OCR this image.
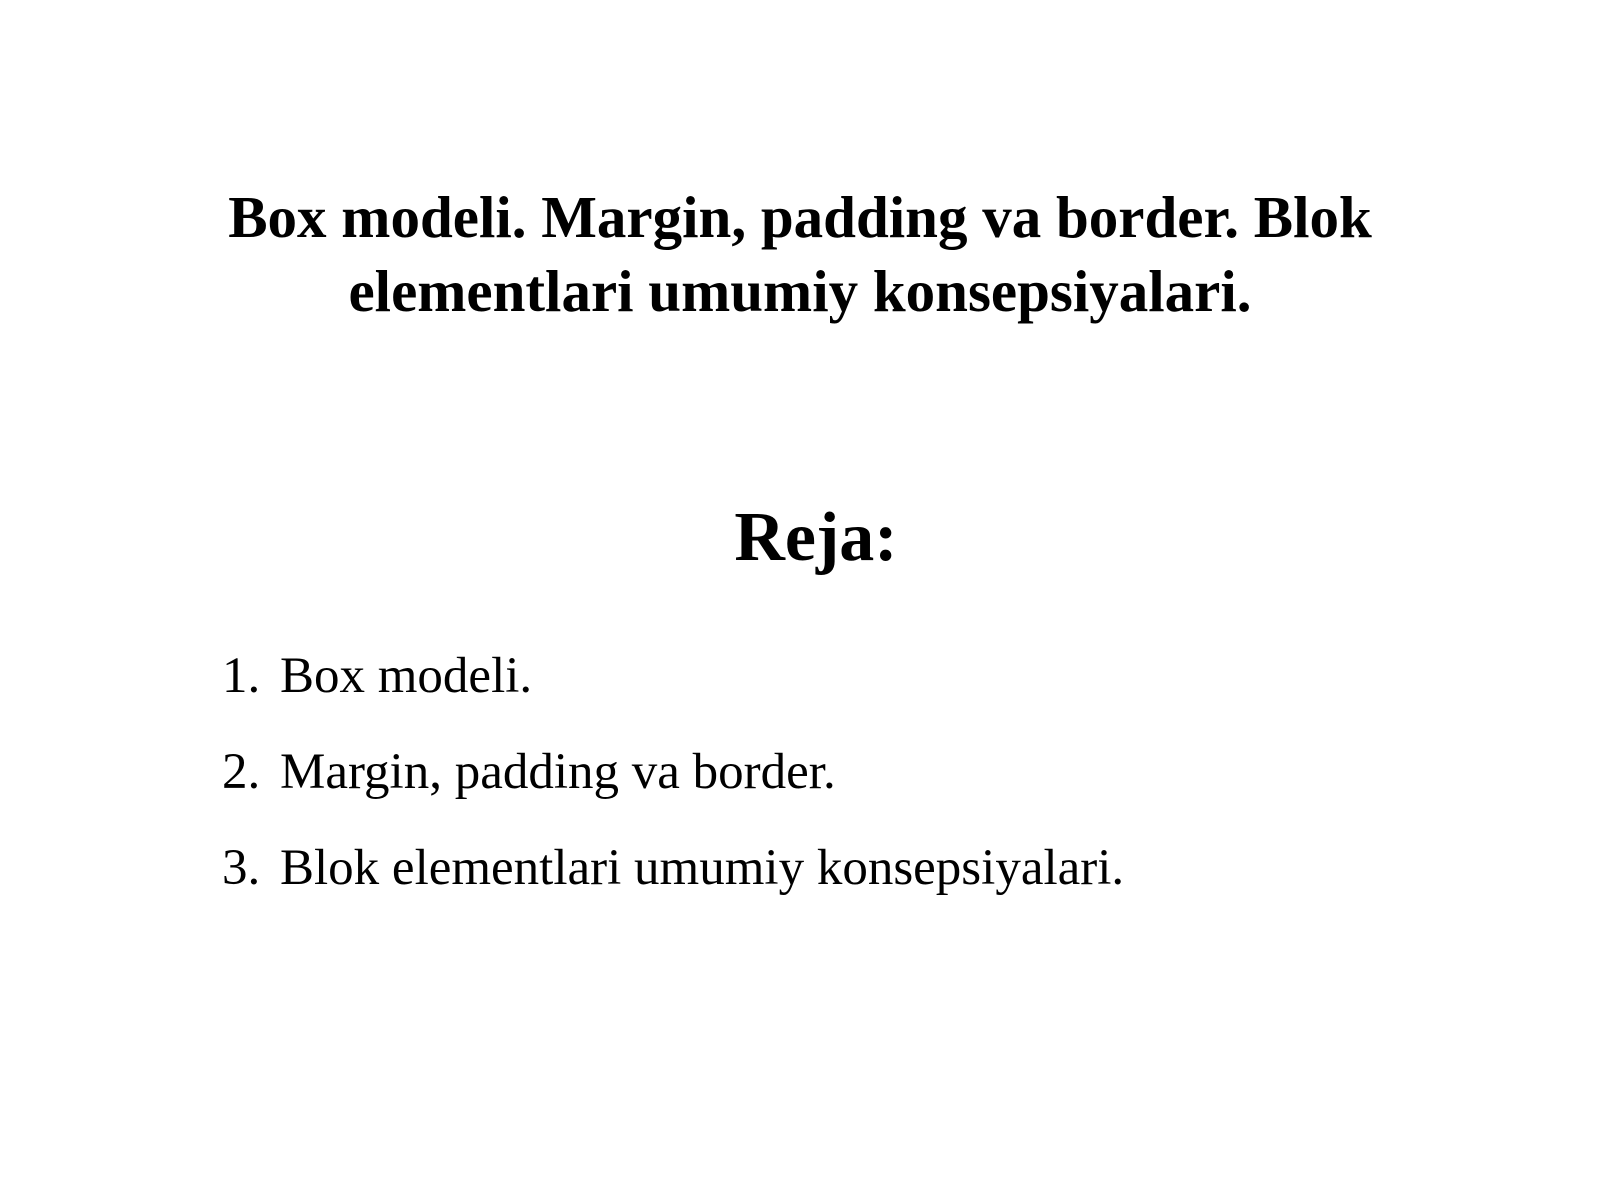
Box modeli. Margin, padding va border. Blok
elementlari umumiy konsepsiyalari.
Reja:
1. Box modeli.
2. Margin, padding va border.
3. Blok elementlari umumiy konsepsiyalari.
